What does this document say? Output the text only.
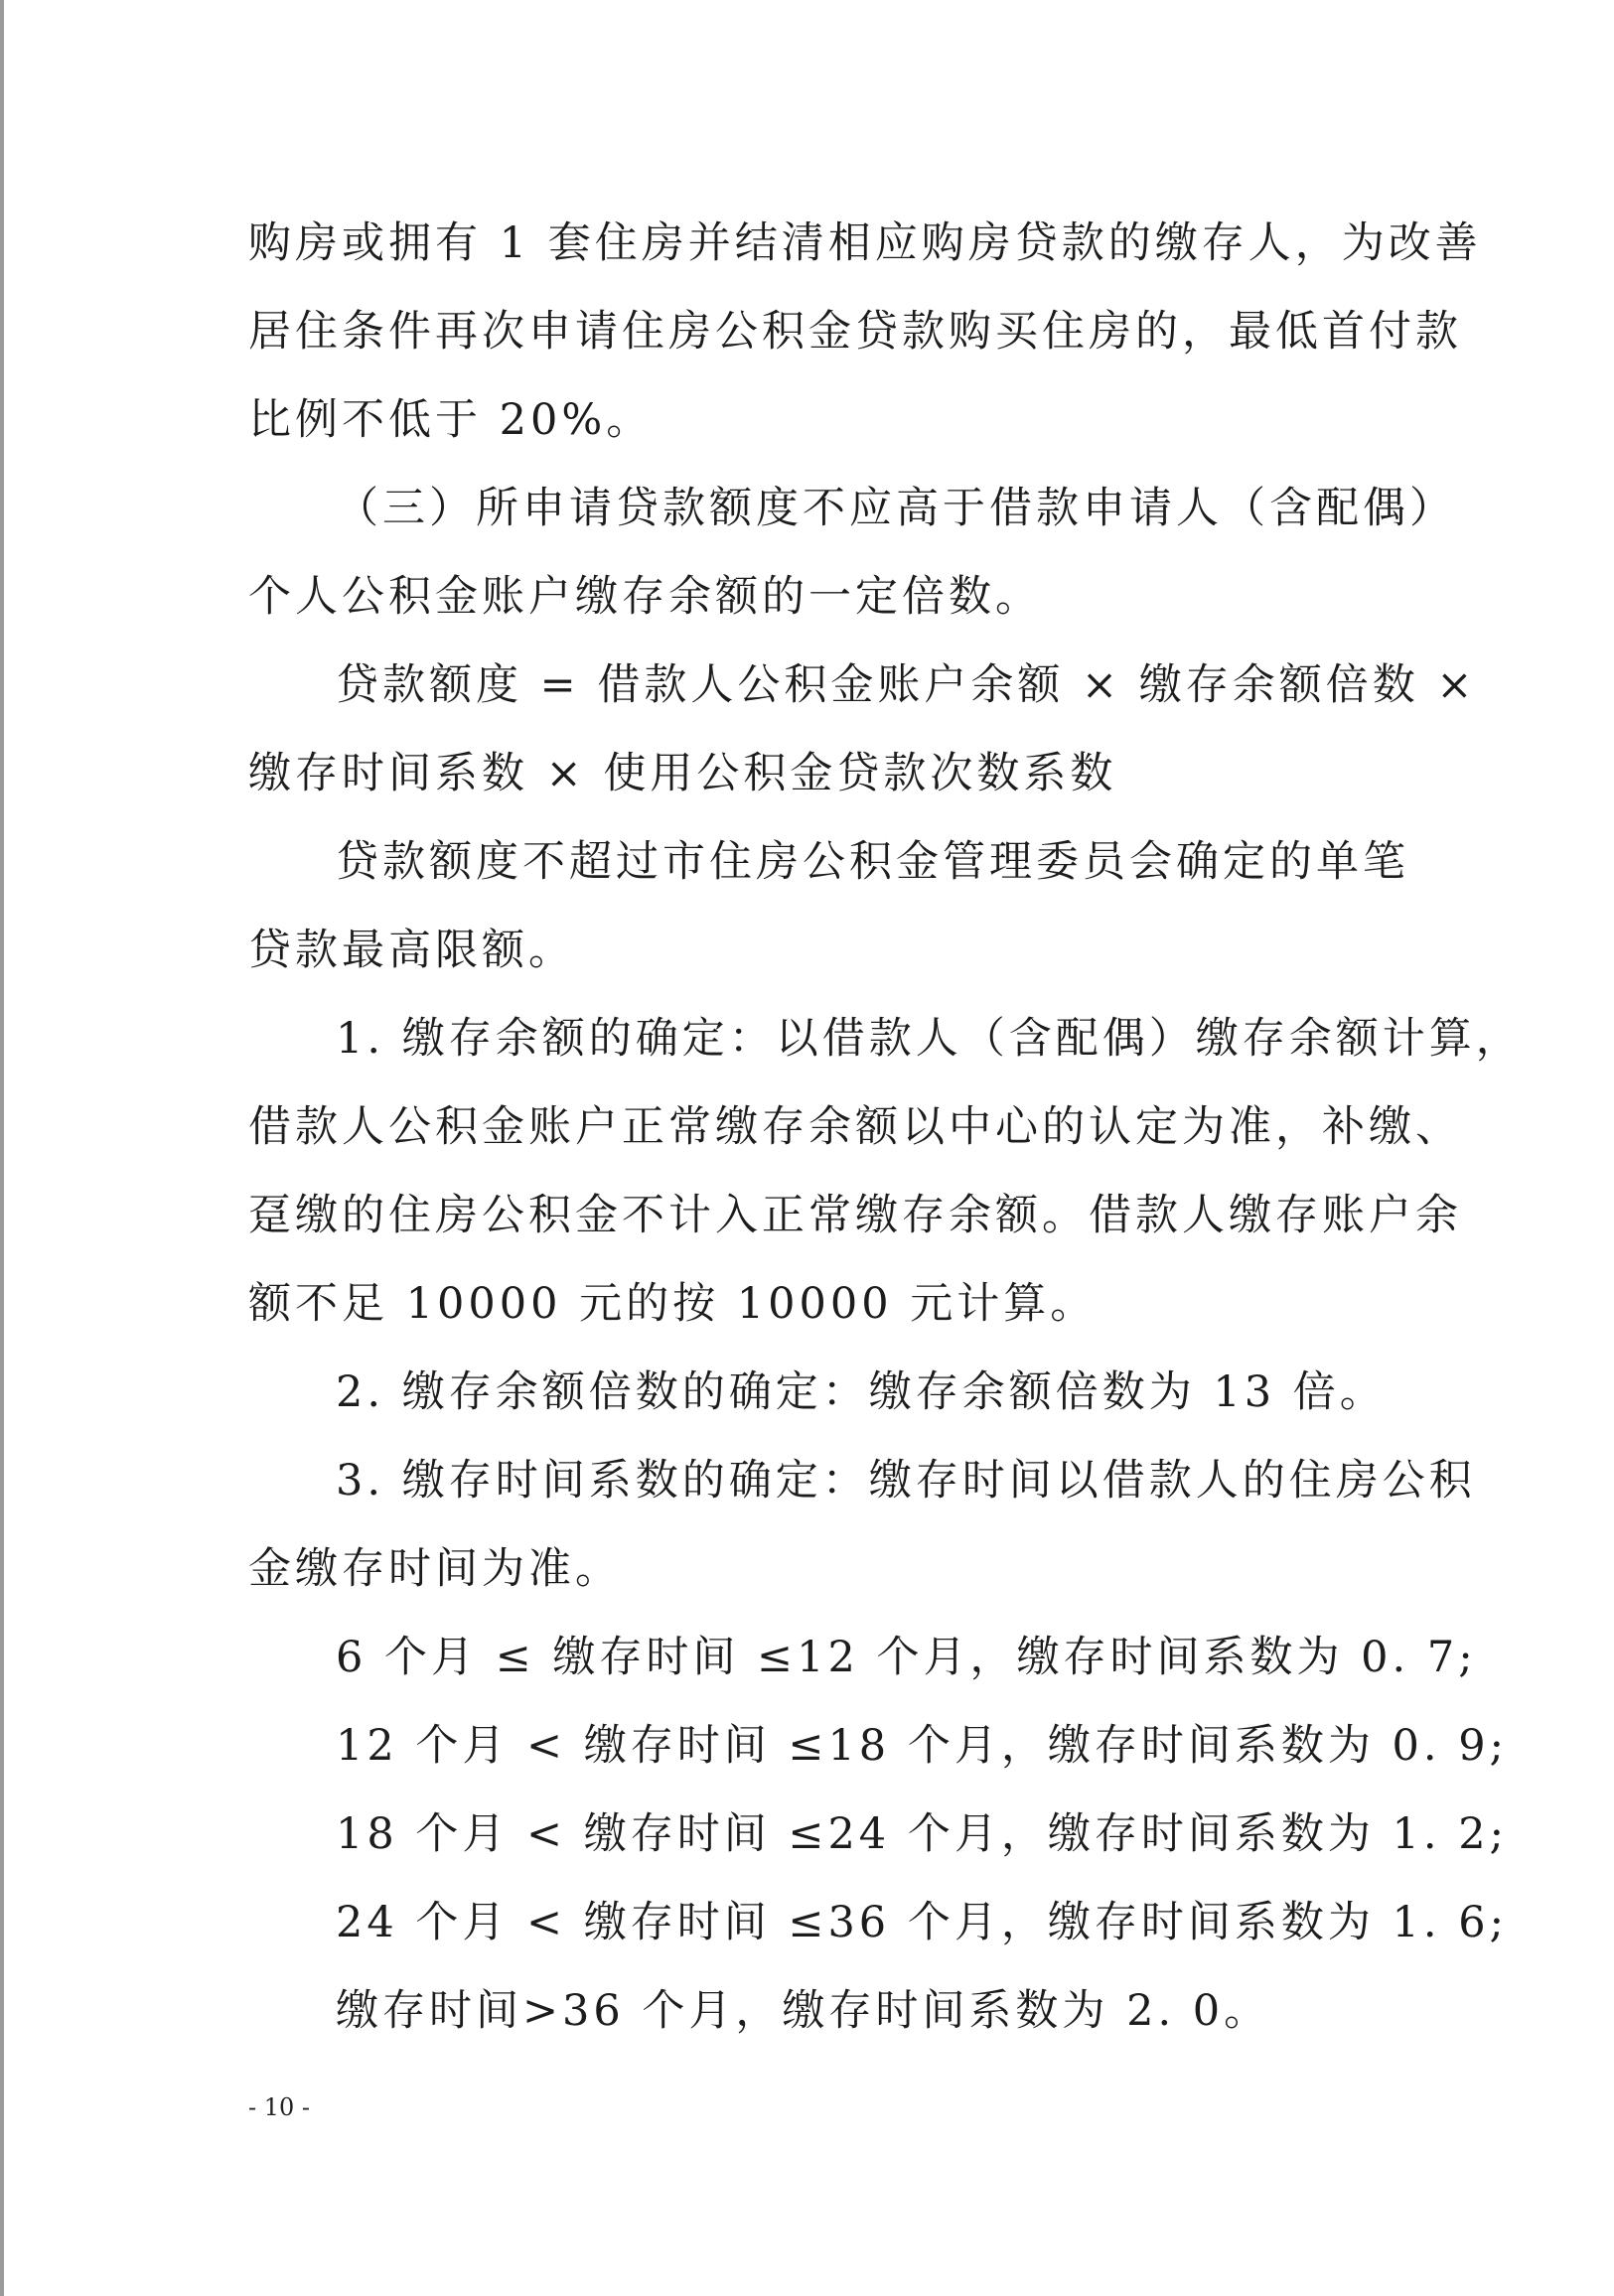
购房或拥有 1 套住房并结清相应购房贷款的缴存人，为改善
居住条件再次申请住房公积金贷款购买住房的，最低首付款
比例不低于 20%。
（三）所申请贷款额度不应高于借款申请人（含配偶）
个人公积金账户缴存余额的一定倍数。
贷款额度 = 借款人公积金账户余额 × 缴存余额倍数 ×
缴存时间系数 × 使用公积金贷款次数系数
贷款额度不超过市住房公积金管理委员会确定的单笔
贷款最高限额。
1. 缴存余额的确定：以借款人（含配偶）缴存余额计算，
借款人公积金账户正常缴存余额以中心的认定为准，补缴、
趸缴的住房公积金不计入正常缴存余额。借款人缴存账户余
额不足 10000 元的按 10000 元计算。
2. 缴存余额倍数的确定：缴存余额倍数为 13 倍。
3. 缴存时间系数的确定：缴存时间以借款人的住房公积
金缴存时间为准。
6 个月 ≤ 缴存时间 ≤12 个月，缴存时间系数为 0. 7;
12 个月 < 缴存时间 ≤18 个月，缴存时间系数为 0. 9;
18 个月 < 缴存时间 ≤24 个月，缴存时间系数为 1. 2;
24 个月 < 缴存时间 ≤36 个月，缴存时间系数为 1. 6;
缴存时间>36 个月，缴存时间系数为 2. 0。
- 10 -
